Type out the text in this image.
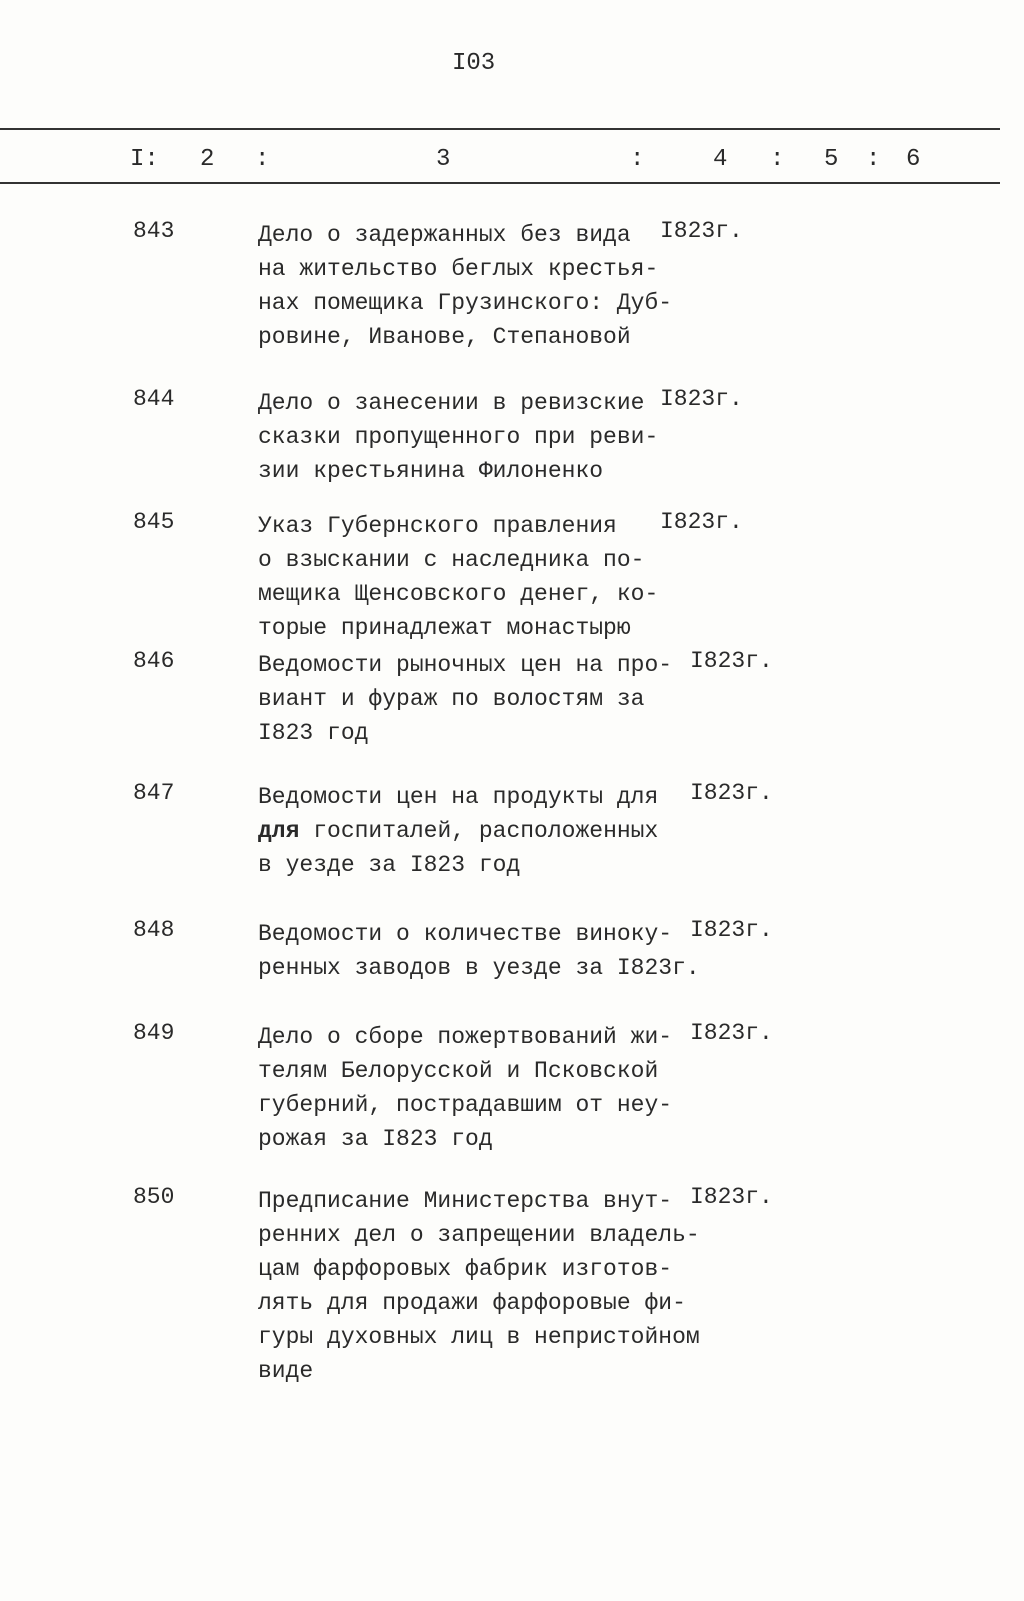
I03
I: 2 :	3	:	4 : 5 : 6
843	Дело о задержанных без вида
на жительство беглых крестья-
нах помещика Грузинского: Дуб-
ровине, Иванове, Степановой
I823г.
844	Дело о занесении в ревизские
сказки пропущенного при реви-
зии крестьянина Филоненко
I823г.
845	Указ Губернского правления
о взыскании с наследника по-
мещика Щенсовского денег, ко-
торые принадлежат монастырю
I823г.
846	Ведомости рыночных цен на про-
виант и фураж по волостям за
I823 год
I823г.
847	Ведомости цен на продукты для
для госпиталей, расположенных
в уезде за I823 год
I823г.
848	Ведомости о количестве виноку-
ренных заводов в уезде за I823г.
I823г.
849	Дело о сборе пожертвований жи-
телям Белорусской и Псковской
губерний, пострадавшим от неу-
рожая за I823 год
I823г.
850	Предписание Министерства внут-
ренних дел о запрещении владель-
цам фарфоровых фабрик изготов-
лять для продажи фарфоровые фи-
гуры духовных лиц в непристойном
виде
I823г.
